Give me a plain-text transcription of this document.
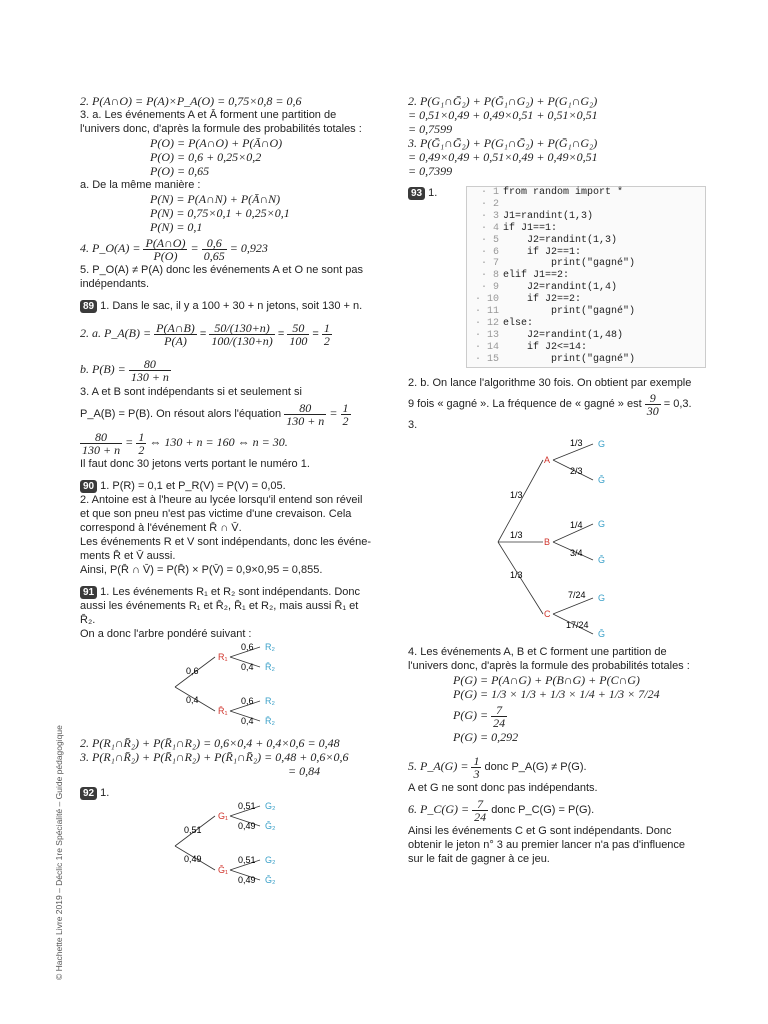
© Hachette Livre 2019 – Déclic 1re Spécialité – Guide pédagogique
2. P(A∩O) = P(A)×P_A(O) = 0,75×0,8 = 0,6
3. a. Les événements A et Ā forment une partition de
l'univers donc, d'après la formule des probabilités totales :
P(O) = P(A∩O) + P(Ā∩O)
P(O) = 0,6 + 0,25×0,2
P(O) = 0,65
a. De la même manière :
P(N) = P(A∩N) + P(Ā∩N)
P(N) = 0,75×0,1 + 0,25×0,1
P(N) = 0,1
4. P_O(A) = $\frac{P(A\cap O)}{P(O)} = \frac{0,6}{0,65} = 0,923$
5. P_O(A) ≠ P(A) donc les événements A et O ne sont pas
indépendants.
89 1. Dans le sac, il y a 100 + 30 + n jetons, soit 130 + n.
2. a. P_A(B) = $\frac{P(A\cap B)}{P(A)} = \frac{50/(130+n)}{100/(130+n)} = \frac{50}{100} = \frac{1}{2}$
b. $P(B) = \frac{80}{130 + n}$
3. A et B sont indépendants si et seulement si
P_A(B) = P(B). On résout alors l'équation $\frac{80}{130 + n} = \frac{1}{2}$
$\frac{80}{130 + n} = \frac{1}{2}$ ⇔ 130 + n = 160 ⇔ n = 30.
Il faut donc 30 jetons verts portant le numéro 1.
90 1. P(R) = 0,1 et P_R(V) = P(V) = 0,05.
2. Antoine est à l'heure au lycée lorsqu'il entend son réveil
et que son pneu n'est pas victime d'une crevaison. Cela
correspond à l'événement R̄ ∩ V̄.
Les événements R et V sont indépendants, donc les événe-
ments R̄ et V̄ aussi.
Ainsi, P(R̄ ∩ V̄) = P(R̄) × P(V̄) = 0,9×0,95 = 0,855.
91 1. Les événements R₁ et R₂ sont indépendants. Donc
aussi les événements R₁ et R̄₂, R̄₁ et R₂, mais aussi R̄₁ et
R̄₂.
On a donc l'arbre pondéré suivant :
R₁
R̄₁
R₂
R̄₂
R₂
R̄₂
0,6
0,4
0,6
0,4
0,6
0,4
2. P(R₁∩R̄₂) + P(R̄₁∩R₂) = 0,6×0,4 + 0,4×0,6 = 0,48
3. P(R₁∩R̄₂) + P(R̄₁∩R₂) + P(R̄₁∩R̄₂) = 0,48 + 0,6×0,6
= 0,84
92 1.
G₁
Ḡ₁
G₂
Ḡ₂
G₂
Ḡ₂
0,51
0,49
0,51
0,49
0,51
0,49
2. P(G₁∩Ḡ₂) + P(Ḡ₁∩G₂) + P(G₁∩G₂)
= 0,51×0,49 + 0,49×0,51 + 0,51×0,51
= 0,7599
3. P(Ḡ₁∩Ḡ₂) + P(G₁∩Ḡ₂) + P(Ḡ₁∩G₂)
= 0,49×0,49 + 0,51×0,49 + 0,49×0,51
= 0,7399
93 1.	· 1 from random import *
· 2
· 3 J1=randint(1,3)
· 4 if J1==1:
· 5    J2=randint(1,3)
· 6    if J2==1:
· 7        print("gagné")
· 8 elif J1==2:
· 9    J2=randint(1,4)
· 10    if J2==2:
· 11        print("gagné")
· 12 else:
· 13    J2=randint(1,48)
· 14    if J2<=14:
· 15        print("gagné")
2. b. On lance l'algorithme 30 fois. On obtient par exemple
9 fois « gagné ». La fréquence de « gagné » est $\frac{9}{30} = 0,3$.
3.
A
B
C
1/3
1/3
1/3
1/3
2/3
1/4
3/4
7/24
17/24
G
Ḡ
G
Ḡ
G
Ḡ
4. Les événements A, B et C forment une partition de
l'univers donc, d'après la formule des probabilités totales :
P(G) = P(A∩G) + P(B∩G) + P(C∩G)
P(G) = 1/3 × 1/3 + 1/3 × 1/4 + 1/3 × 7/24
$P(G) = \frac{7}{24}$
P(G) = 0,292
5. P_A(G) = $\frac{1}{3}$ donc P_A(G) ≠ P(G).
A et G ne sont donc pas indépendants.
6. P_C(G) = $\frac{7}{24}$ donc P_C(G) = P(G).
Ainsi les événements C et G sont indépendants. Donc
obtenir le jeton n° 3 au premier lancer n'a pas d'influence
sur le fait de gagner à ce jeu.
